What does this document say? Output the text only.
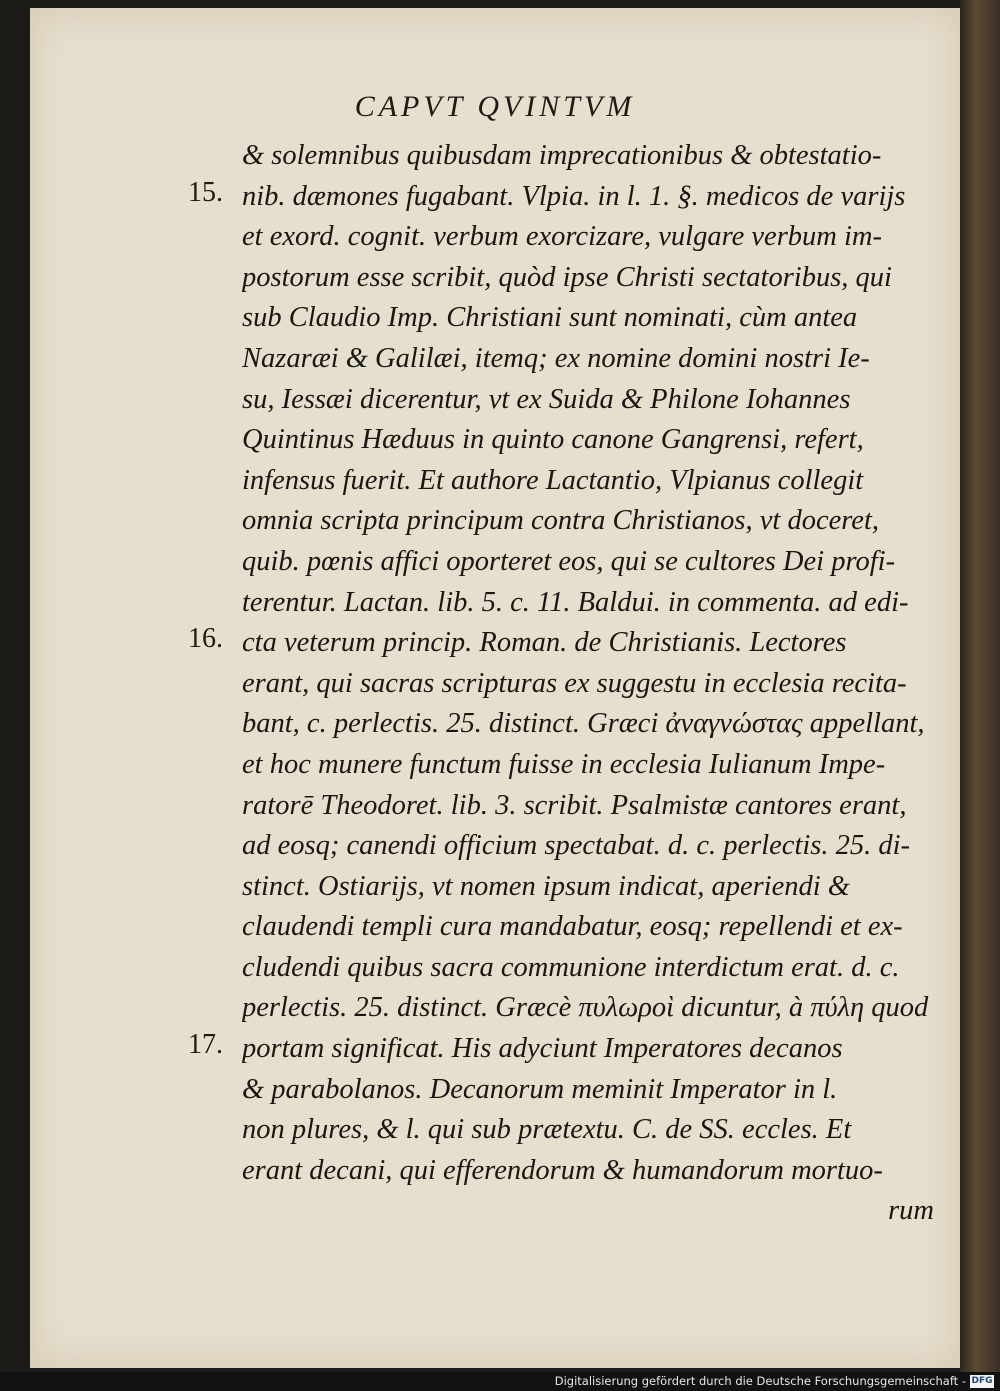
CAPVT QVINTVM
& solemnibus quibusdam imprecationibus & obtestatio-
15. nib. dæmones fugabant. Vlpia. in l. 1. §. medicos de varijs
et exord. cognit. verbum exorcizare, vulgare verbum im-
postorum esse scribit, quòd ipse Christi sectatoribus, qui
sub Claudio Imp. Christiani sunt nominati, cùm antea
Nazaræi & Galilæi, itemq; ex nomine domini nostri Ie-
su, Iessæi dicerentur, vt ex Suida & Philone Iohannes
Quintinus Hæduus in quinto canone Gangrensi, refert,
infensus fuerit. Et authore Lactantio, Vlpianus collegit
omnia scripta principum contra Christianos, vt doceret,
quib. pœnis affici oporteret eos, qui se cultores Dei profi-
terentur. Lactan. lib. 5. c. 11. Baldui. in commenta. ad edi-
16. cta veterum princip. Roman. de Christianis. Lectores
erant, qui sacras scripturas ex suggestu in ecclesia recita-
bant, c. perlectis. 25. distinct. Græci ἀναγνώστας appellant,
et hoc munere functum fuisse in ecclesia Iulianum Impe-
ratorē Theodoret. lib. 3. scribit. Psalmistæ cantores erant,
ad eosq; canendi officium spectabat. d. c. perlectis. 25. di-
stinct. Ostiarijs, vt nomen ipsum indicat, aperiendi &
claudendi templi cura mandabatur, eosq; repellendi et ex-
cludendi quibus sacra communione interdictum erat. d. c.
perlectis. 25. distinct. Græcè πυλωροὶ dicuntur, à πύλη quod
17. portam significat. His adyciunt Imperatores decanos
& parabolanos. Decanorum meminit Imperator in l.
non plures, & l. qui sub prætextu. C. de SS. eccles. Et
erant decani, qui efferendorum & humandorum mortuo-
rum
Digitalisierung gefördert durch die Deutsche Forschungsgemeinschaft - DFG
